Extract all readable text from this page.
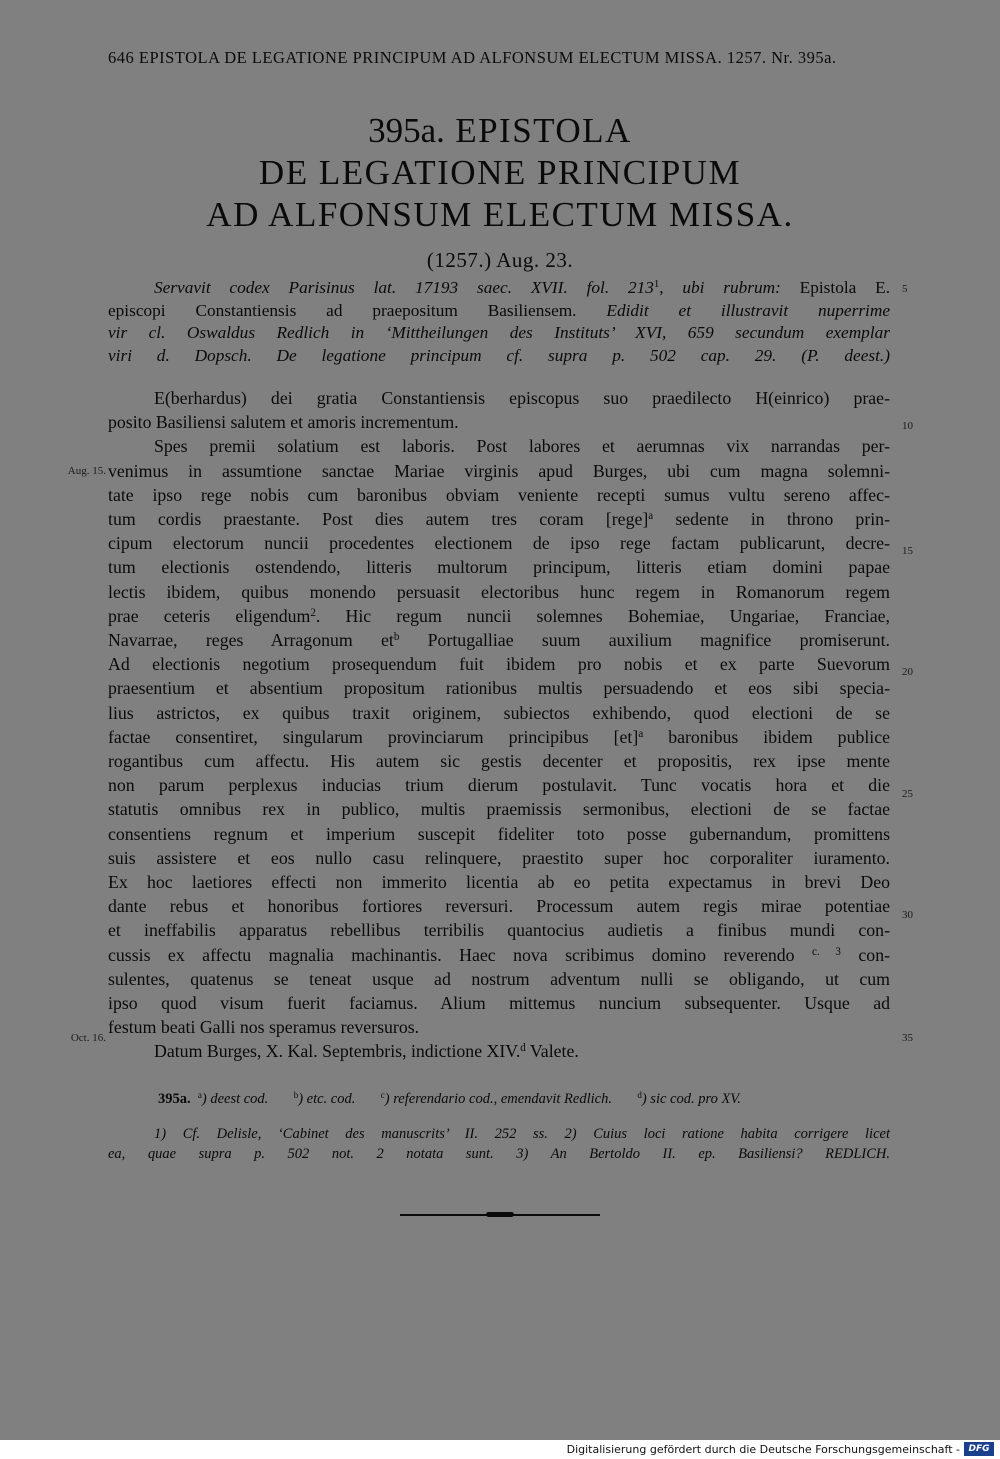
646 EPISTOLA DE LEGATIONE PRINCIPUM AD ALFONSUM ELECTUM MISSA. 1257. Nr. 395a.
395a. EPISTOLA
DE LEGATIONE PRINCIPUM
AD ALFONSUM ELECTUM MISSA.
(1257.) Aug. 23.
Servavit codex Parisinus lat. 17193 saec. XVII. fol. $213^1$, ubi rubrum: Epistola E.
episcopi Constantiensis ad praepositum Basiliensem. Edidit et illustravit nuperrime
vir cl. Oswaldus Redlich in ‘Mittheilungen des Instituts’ XVI, 659 secundum exemplar
viri d. Dopsch. De legatione principum cf. supra p. 502 cap. 29. (P. deest.)
E(berhardus) dei gratia Constantiensis episcopus suo praedilecto H(einrico) prae-
posito Basiliensi salutem et amoris incrementum.
Spes premii solatium est laboris. Post labores et aerumnas vix narrandas per-
venimus in assumtione sanctae Mariae virginis apud Burges, ubi cum magna solemni-
tate ipso rege nobis cum baronibus obviam veniente recepti sumus vultu sereno affec-
tum cordis praestante. Post dies autem tres coram [rege]$^a$ sedente in throno prin-
cipum electorum nuncii procedentes electionem de ipso rege factam publicarunt, decre-
tum electionis ostendendo, litteris multorum principum, litteris etiam domini papae
lectis ibidem, quibus monendo persuasit electoribus hunc regem in Romanorum regem
prae ceteris eligendum$^2$. Hic regum nuncii solemnes Bohemiae, Ungariae, Franciae,
Navarrae, reges Arragonum $et^b$ Portugalliae suum auxilium magnifice promiserunt.
Ad electionis negotium prosequendum fuit ibidem pro nobis et ex parte Suevorum
praesentium et absentium propositum rationibus multis persuadendo et eos sibi specia-
lius astrictos, ex quibus traxit originem, subiectos exhibendo, quod electioni de se
factae consentiret, singularum provinciarum principibus [et]$^a$ baronibus ibidem publice
rogantibus cum affectu. His autem sic gestis decenter et propositis, rex ipse mente
non parum perplexus inducias trium dierum postulavit. Tunc vocatis hora et die
statutis omnibus rex in publico, multis praemissis sermonibus, electioni de se factae
consentiens regnum et imperium suscepit fideliter toto posse gubernandum, promittens
suis assistere et eos nullo casu relinquere, praestito super hoc corporaliter iuramento.
Ex hoc laetiores effecti non immerito licentia ab eo petita expectamus in brevi Deo
dante rebus et honoribus fortiores reversuri. Processum autem regis mirae potentiae
et ineffabilis apparatus rebellibus terribilis quantocius audietis a finibus mundi con-
cussis ex affectu magnalia machinantis. Haec nova scribimus domino reverendo $^{c. 3}$ con-
sulentes, quatenus se teneat usque ad nostrum adventum nulli se obligando, ut cum
ipso quod visum fuerit faciamus. Alium mittemus nuncium subsequenter. Usque ad
festum beati Galli nos speramus reversuros.
Datum Burges, X. Kal. Septembris, indictione XIV.$^d$ Valete.
5
10
15
20
25
30
35
Aug. 15.
Oct. 16.
395a. $^a$) deest cod.	$^b$) etc. cod.	$^c$) referendario cod., emendavit Redlich.	$^d$) sic cod. pro XV.
1) Cf. Delisle, ‘Cabinet des manuscrits’ II. 252 ss. 2) Cuius loci ratione habita corrigere licet
ea, quae supra p. 502 not. 2 notata sunt. 3) An Bertoldo II. ep. Basiliensi? REDLICH.
Digitalisierung gefördert durch die Deutsche Forschungsgemeinschaft - DFG
